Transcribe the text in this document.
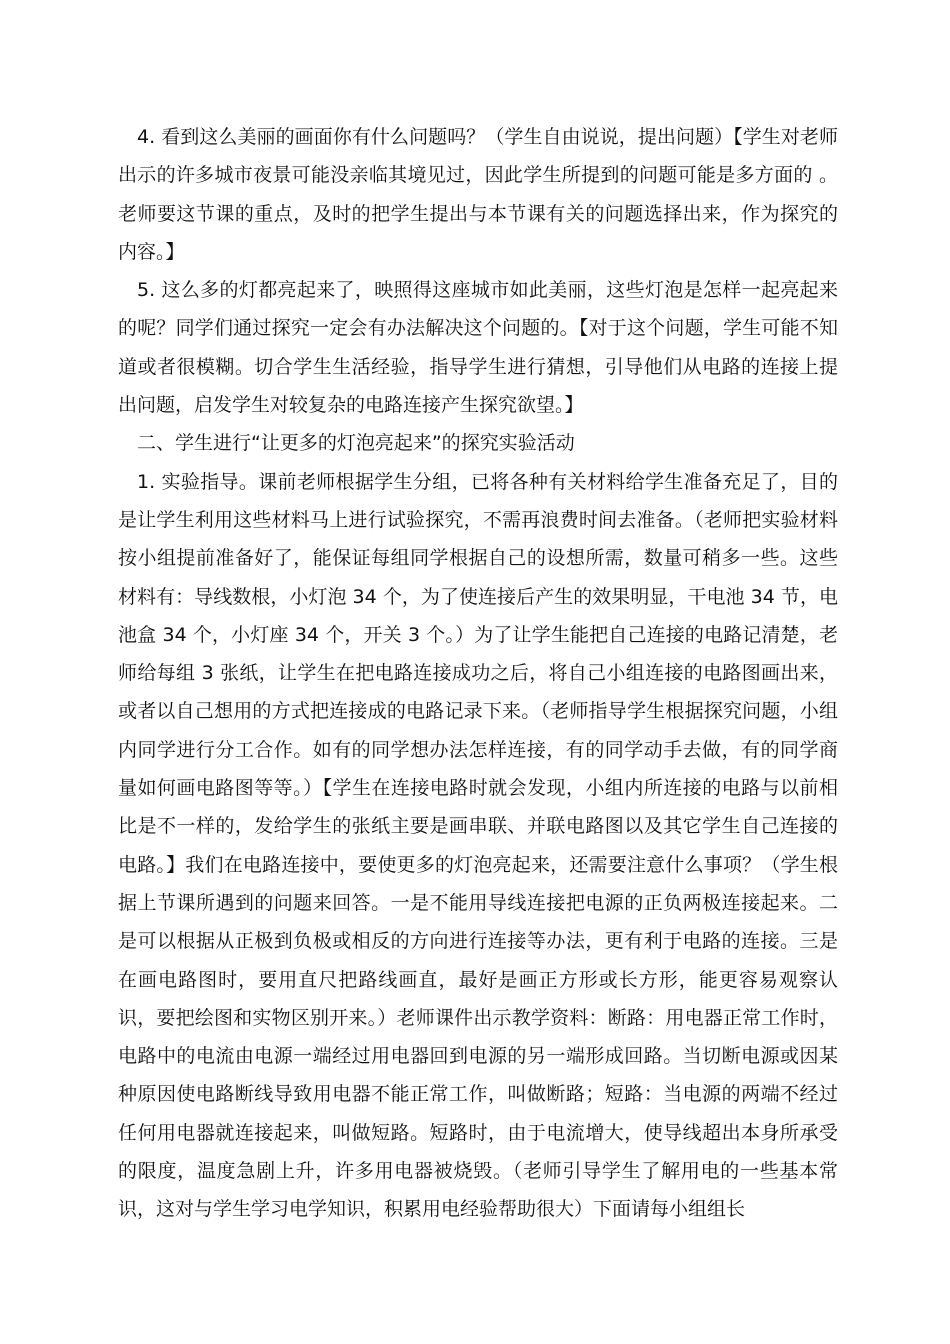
4. 看到这么美丽的画面你有什么问题吗？（学生自由说说，提出问题）【学生对老师出示的许多城市夜景可能没亲临其境见过，因此学生所提到的问题可能是多方面的 。老师要这节课的重点，及时的把学生提出与本节课有关的问题选择出来，作为探究的内容。】

5. 这么多的灯都亮起来了，映照得这座城市如此美丽，这些灯泡是怎样一起亮起来的呢？同学们通过探究一定会有办法解决这个问题的。【对于这个问题，学生可能不知道或者很模糊。切合学生生活经验，指导学生进行猜想，引导他们从电路的连接上提出问题，启发学生对较复杂的电路连接产生探究欲望。】

二、学生进行“让更多的灯泡亮起来”的探究实验活动

1. 实验指导。课前老师根据学生分组，已将各种有关材料给学生准备充足了，目的是让学生利用这些材料马上进行试验探究，不需再浪费时间去准备。（老师把实验材料按小组提前准备好了，能保证每组同学根据自己的设想所需，数量可稍多一些。这些材料有：导线数根，小灯泡 34 个，为了使连接后产生的效果明显，干电池 34 节，电池盒 34 个，小灯座 34 个，开关 3 个。）为了让学生能把自己连接的电路记清楚，老师给每组 3 张纸，让学生在把电路连接成功之后，将自己小组连接的电路图画出来，或者以自己想用的方式把连接成的电路记录下来。（老师指导学生根据探究问题，小组内同学进行分工合作。如有的同学想办法怎样连接，有的同学动手去做，有的同学商量如何画电路图等等。）【学生在连接电路时就会发现，小组内所连接的电路与以前相比是不一样的，发给学生的张纸主要是画串联、并联电路图以及其它学生自己连接的电路。】我们在电路连接中，要使更多的灯泡亮起来，还需要注意什么事项？（学生根据上节课所遇到的问题来回答。一是不能用导线连接把电源的正负两极连接起来。二是可以根据从正极到负极或相反的方向进行连接等办法，更有利于电路的连接。三是在画电路图时，要用直尺把路线画直，最好是画正方形或长方形，能更容易观察认识，要把绘图和实物区别开来。）老师课件出示教学资料：断路：用电器正常工作时，电路中的电流由电源一端经过用电器回到电源的另一端形成回路。当切断电源或因某种原因使电路断线导致用电器不能正常工作，叫做断路；短路：当电源的两端不经过任何用电器就连接起来，叫做短路。短路时，由于电流增大，使导线超出本身所承受的限度，温度急剧上升，许多用电器被烧毁。（老师引导学生了解用电的一些基本常识，这对与学生学习电学知识，积累用电经验帮助很大）下面请每小组组长
